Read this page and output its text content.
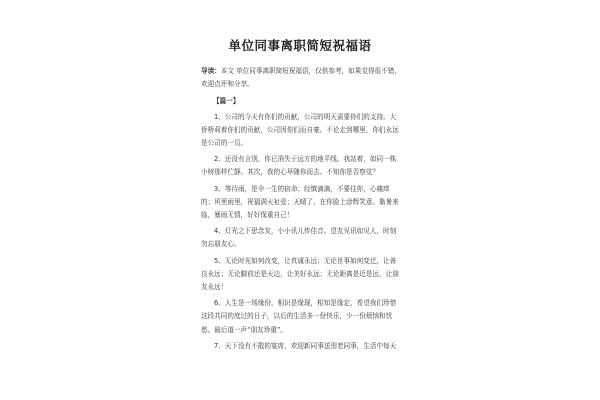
单位同事离职简短祝福语

导读：本文 单位同事离职简短祝福语，仅供参考，如果觉得很不错，欢迎点评和分享。

【篇一】

1、公司的今天有你们的贡献，公司的明天需要你们的支持。大侨桥莉着你们的贡献，公司因你们而自豪。不论走到哪里，你们永远是公司的一员。

2、还没有言别，你已消失于远方的地平线。我站着，如同一株小树那样伫静。其次，我的心早随你而去。不知你是否察觉？

3、等待雨，是伞一生的宿命；经慎滴滴，不要往你，心痛痒的；风里雨里，祝福满天祉爱；天晴了，在你脸上涂辉笑意。黏暑来临，暴雨无情，好好保重自己！

4、灯光之下思念友，小小讯儿传佳音。望友见讯如见人，时刻勿忘朋友心。

5、无论时光如何改变，让真诚永远；无论世事如何变迁，让善良永远；无论脚前还是天边，让美好永远；无论距离是近是远，让朋友永远！

6、人生是一场缘份，相识是缘现，相知是缘定，希望我们珍惜这段共同的度过的日子，以后的生活多一份快乐，少一份烦恼和忧愁。最后道一声“朋友珍重”。

7、天下没有不散的宴席，欢迎新同事送别老同事，生活中每天
